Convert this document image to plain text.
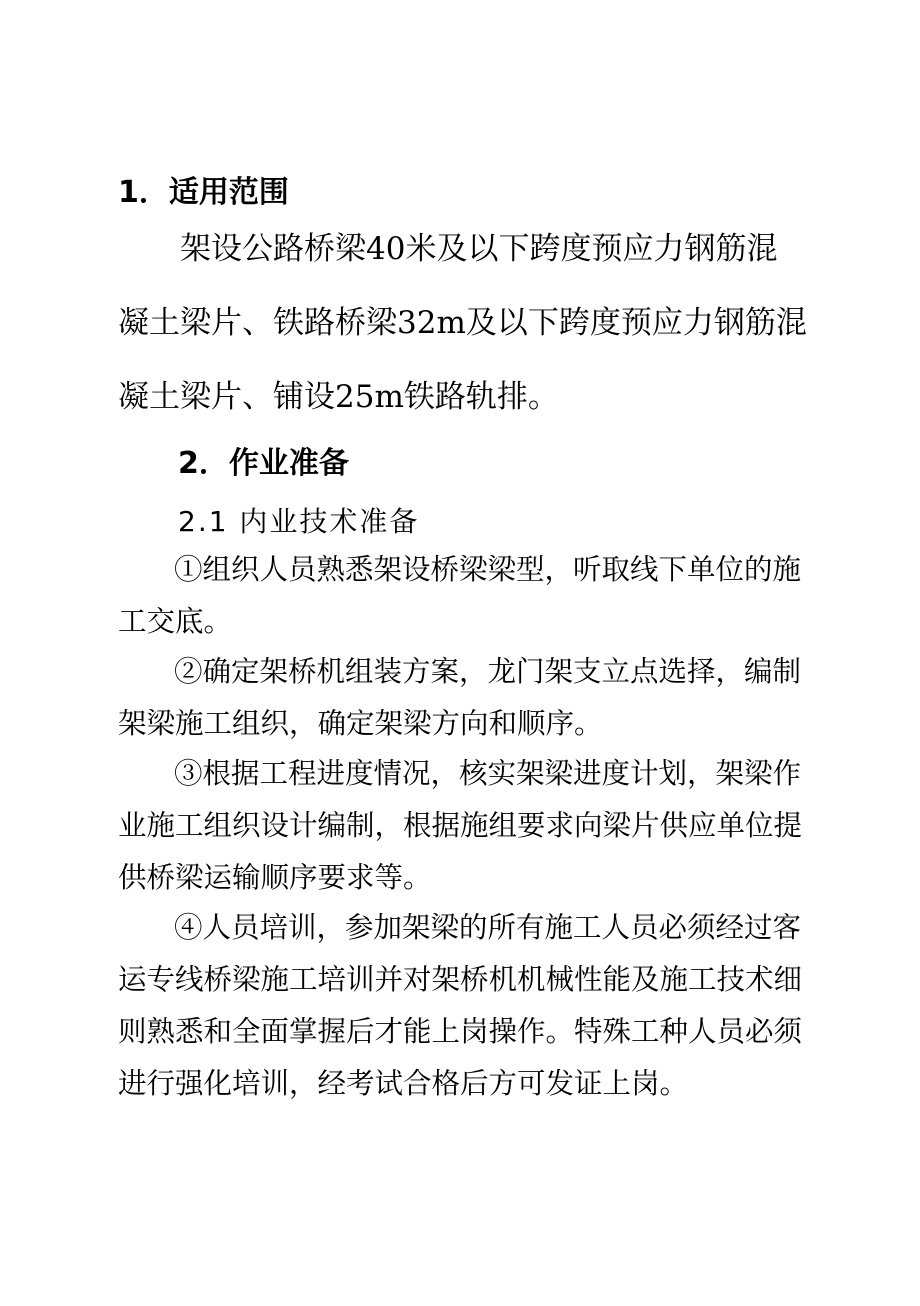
1．适用范围

架设公路桥梁40米及以下跨度预应力钢筋混凝土梁片、铁路桥梁32m及以下跨度预应力钢筋混凝土梁片、铺设25m铁路轨排。

2．作业准备
2.1 内业技术准备

①组织人员熟悉架设桥梁梁型，听取线下单位的施工交底。

②确定架桥机组装方案，龙门架支立点选择，编制架梁施工组织，确定架梁方向和顺序。

③根据工程进度情况，核实架梁进度计划，架梁作业施工组织设计编制，根据施组要求向梁片供应单位提供桥梁运输顺序要求等。

④人员培训，参加架梁的所有施工人员必须经过客运专线桥梁施工培训并对架桥机机械性能及施工技术细则熟悉和全面掌握后才能上岗操作。特殊工种人员必须进行强化培训，经考试合格后方可发证上岗。
